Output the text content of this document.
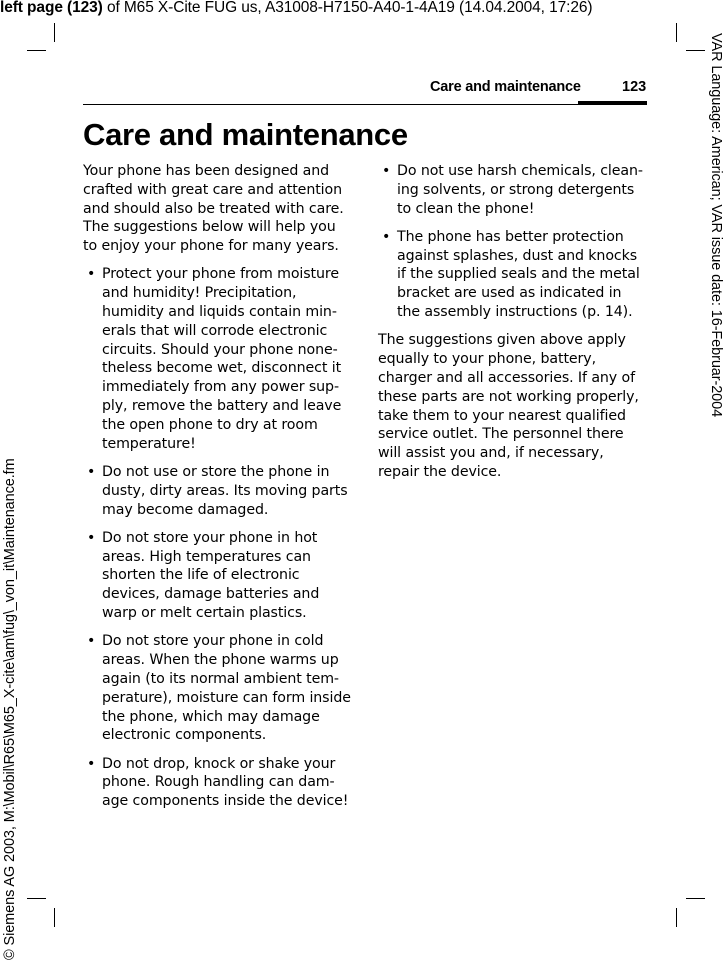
left page (123) of M65 X-Cite FUG us, A31008-H7150-A40-1-4A19 (14.04.2004, 17:26)
© Siemens AG 2003, M:\Mobil\R65\M65_X-cite\am\fug\_von_it\Maintenance.fm
VAR Language: American; VAR issue date: 16-Februar-2004
Care and maintenance	123
Care and maintenance

Your phone has been designed and crafted with great care and attention and should also be treated with care. The suggestions below will help you to enjoy your phone for many years.

• Protect your phone from moisture and humidity! Precipitation, humidity and liquids contain minerals that will corrode electronic circuits. Should your phone nonetheless become wet, disconnect it immediately from any power supply, remove the battery and leave the open phone to dry at room temperature!
• Do not use or store the phone in dusty, dirty areas. Its moving parts may become damaged.
• Do not store your phone in hot areas. High temperatures can shorten the life of electronic devices, damage batteries and warp or melt certain plastics.
• Do not store your phone in cold areas. When the phone warms up again (to its normal ambient temperature), moisture can form inside the phone, which may damage electronic components.
• Do not drop, knock or shake your phone. Rough handling can damage components inside the device!
• Do not use harsh chemicals, cleaning solvents, or strong detergents to clean the phone!
• The phone has better protection against splashes, dust and knocks if the supplied seals and the metal bracket are used as indicated in the assembly instructions (p. 14).

The suggestions given above apply equally to your phone, battery, charger and all accessories. If any of these parts are not working properly, take them to your nearest qualified service outlet. The personnel there will assist you and, if necessary, repair the device.
